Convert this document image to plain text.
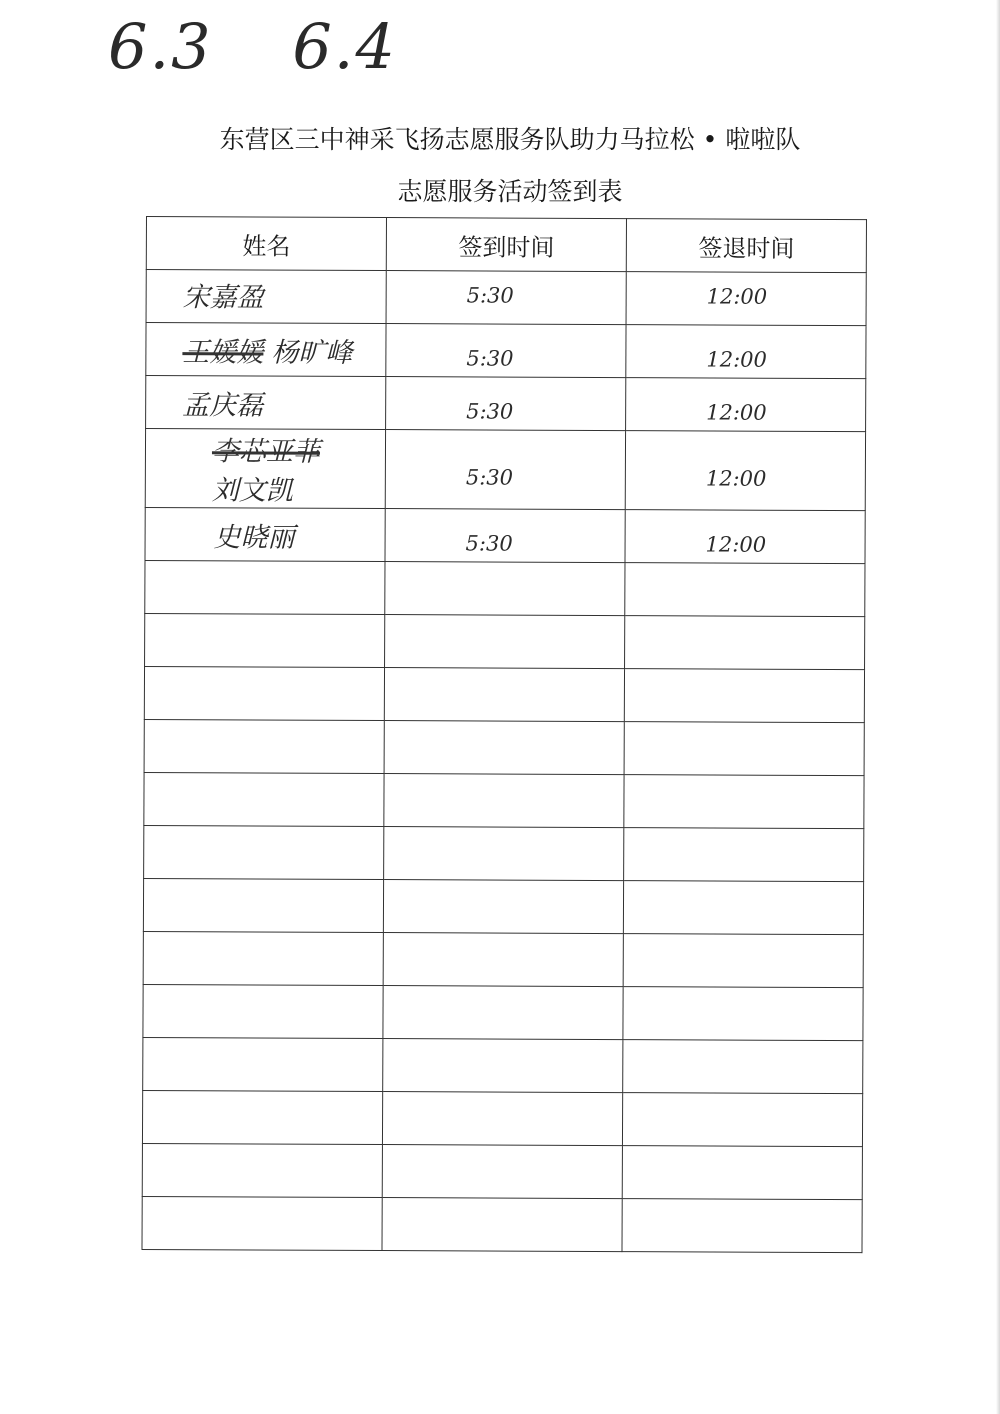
6.3 6.4
东营区三中神采飞扬志愿服务队助力马拉松 • 啦啦队
志愿服务活动签到表
姓名	签到时间	签退时间
宋嘉盈	5:30	12:00
王媛媛 杨旷峰	5:30	12:00
孟庆磊	5:30	12:00
李芯亚菲刘文凯	5:30	12:00
史晓丽	5:30	12:00
